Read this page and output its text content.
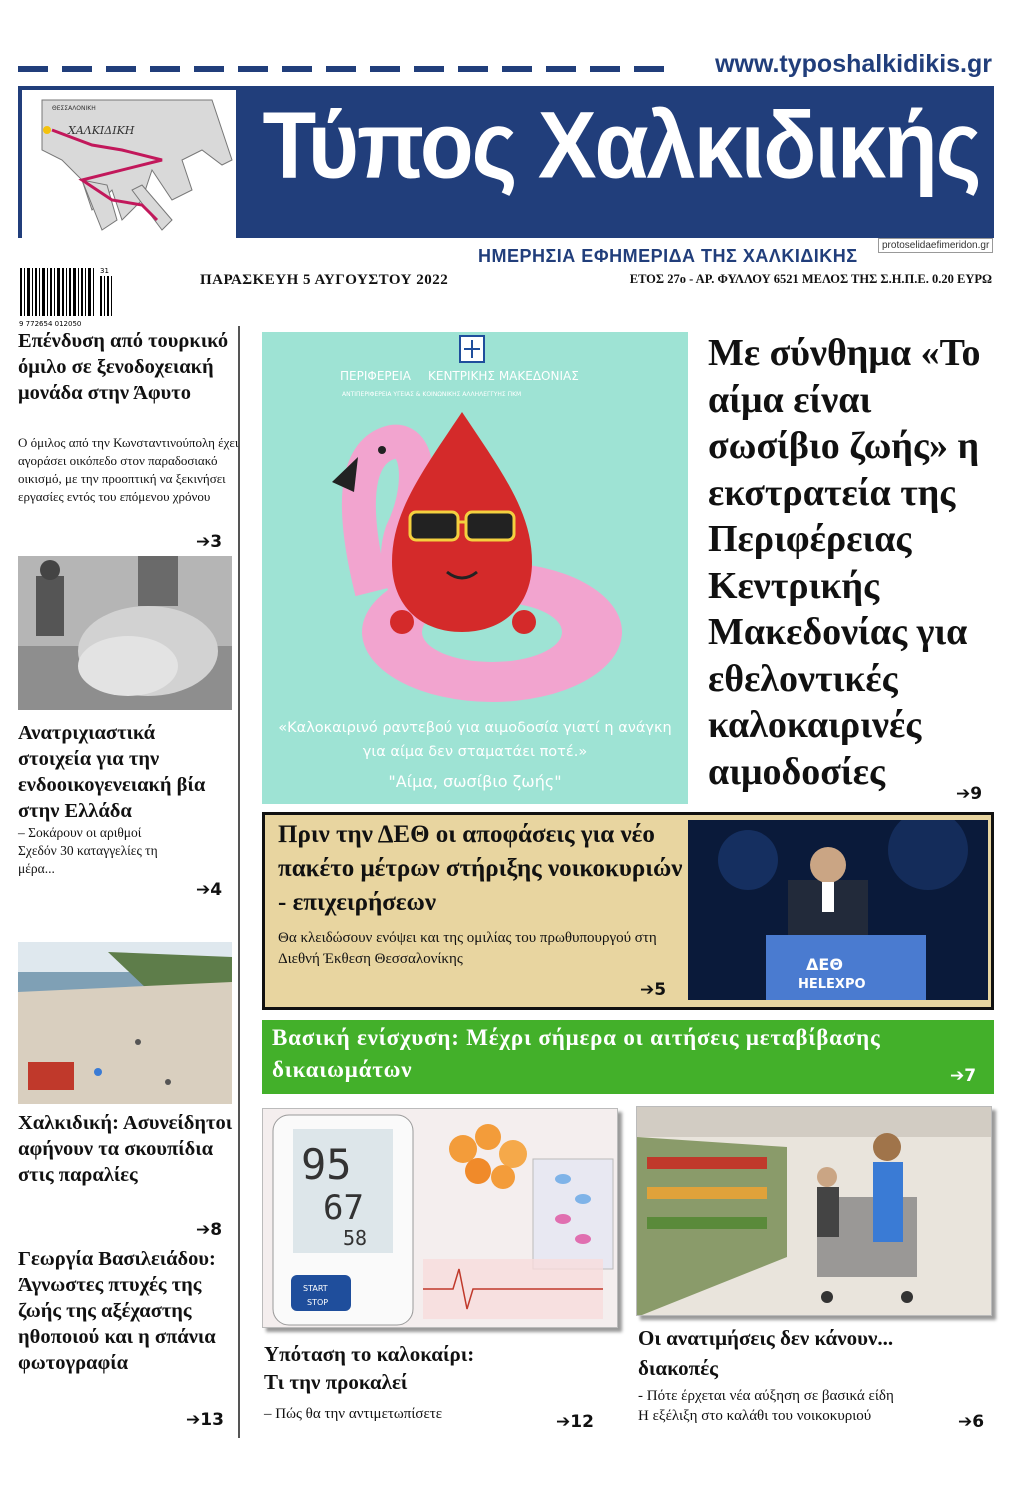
www.typoshalkidikis.gr
ΘΕΣΣΑΛΟΝΙΚΗ
ΧΑΛΚΙΔΙΚΗ Τύπος Χαλκιδικής
ΗΜΕΡΗΣΙΑ ΕΦΗΜΕΡΙΔΑ ΤΗΣ ΧΑΛΚΙΔΙΚΗΣ
protoselidaefimeridon.gr
31
9 772654 012050
ΠΑΡΑΣΚΕΥΗ 5 ΑΥΓΟΥΣΤΟΥ 2022	ΕΤΟΣ 27ο - ΑΡ. ΦΥΛΛΟΥ 6521 ΜΕΛΟΣ ΤΗΣ Σ.Η.Π.Ε. 0.20 ΕΥΡΩ
Επένδυση από τουρκικό όμιλο σε ξενοδοχειακή μονάδα στην Άφυτο
Ο όμιλος από την Κωνσταντινούπολη έχει αγοράσει οικόπεδο στον παραδοσιακό οικισμό, με την προοπτική να ξεκινήσει εργασίες εντός του επόμενου χρόνου
➔3
Ανατριχιαστικά στοιχεία για την ενδοοικογενειακή βία στην Ελλάδα
– Σοκάρουν οι αριθμοί Σχεδόν 30 καταγγελίες τη μέρα...
➔4
Χαλκιδική: Ασυνείδητοι αφήνουν τα σκουπίδια στις παραλίες
➔8
Γεωργία Βασιλειάδου: Άγνωστες πτυχές της ζωής της αξέχαστης ηθοποιού και η σπάνια φωτογραφία
➔13
ΠΕΡΙΦΕΡΕΙΑ ΚΕΝΤΡΙΚΗΣ ΜΑΚΕΔΟΝΙΑΣ
ΑΝΤΙΠΕΡΙΦΕΡΕΙΑ ΥΓΕΙΑΣ & ΚΟΙΝΩΝΙΚΗΣ ΑΛΛΗΛΕΓΓΥΗΣ ΠΚΜ
«Καλοκαιρινό ραντεβού για αιμοδοσία γιατί η ανάγκη για αίμα δεν σταματάει ποτέ.»
"Αίμα, σωσίβιο ζωής"
Με σύνθημα «Το αίμα είναι σωσίβιο ζωής» η εκστρατεία της Περιφέρειας Κεντρικής Μακεδονίας για εθελοντικές καλοκαιρινές αιμοδοσίες
➔9
Πριν την ΔΕΘ οι αποφάσεις για νέο πακέτο μέτρων στήριξης νοικοκυριών - επιχειρήσεων
Θα κλειδώσουν ενόψει και της ομιλίας του πρωθυπουργού στη Διεθνή Έκθεση Θεσσαλονίκης
➔5
ΔΕΘ
HELEXPO
Βασική ενίσχυση: Μέχρι σήμερα οι αιτήσεις μεταβίβασης δικαιωμάτων	➔7
95
67
58
START
STOP
Υπόταση το καλοκαίρι:
Τι την προκαλεί
– Πώς θα την αντιμετωπίσετε	➔12
Οι ανατιμήσεις δεν κάνουν...
διακοπές
- Πότε έρχεται νέα αύξηση σε βασικά είδη
Η εξέλιξη στο καλάθι του νοικοκυριού	➔6
